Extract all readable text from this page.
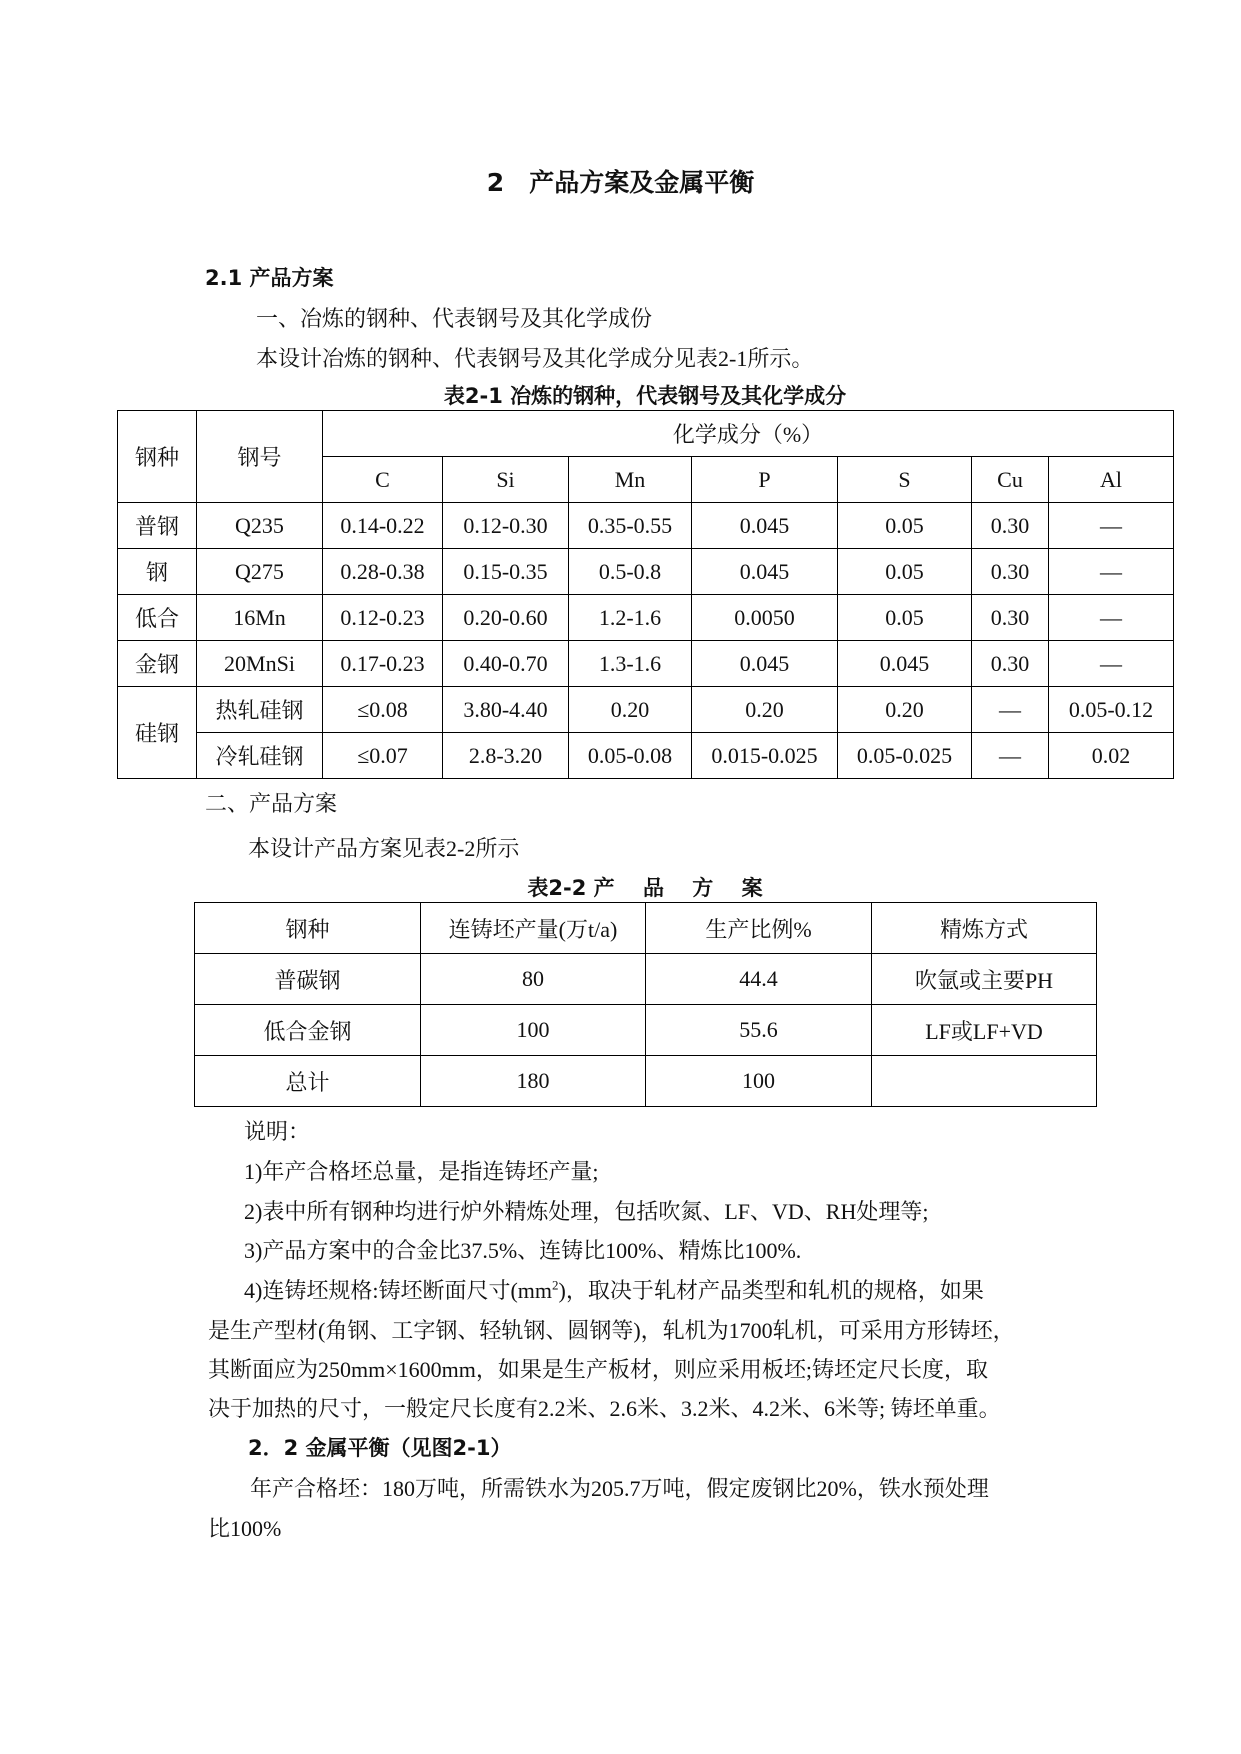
2　产品方案及金属平衡
2.1 产品方案
一、冶炼的钢种、代表钢号及其化学成份
本设计冶炼的钢种、代表钢号及其化学成分见表2-1所示。
表2-1 冶炼的钢种，代表钢号及其化学成分
钢种	钢号	化学成分（%）						
		C	Si	Mn	P	S	Cu	Al
普钢	Q235	0.14-0.22	0.12-0.30	0.35-0.55	0.045	0.05	0.30	—
钢	Q275	0.28-0.38	0.15-0.35	0.5-0.8	0.045	0.05	0.30	—
低合	16Mn	0.12-0.23	0.20-0.60	1.2-1.6	0.0050	0.05	0.30	—
金钢	20MnSi	0.17-0.23	0.40-0.70	1.3-1.6	0.045	0.045	0.30	—
硅钢	热轧硅钢	≤0.08	3.80-4.40	0.20	0.20	0.20	—	0.05-0.12
	冷轧硅钢	≤0.07	2.8-3.20	0.05-0.08	0.015-0.025	0.05-0.025	—	0.02
二、产品方案
本设计产品方案见表2-2所示
表2-2 产　 品　 方　 案
钢种	连铸坯产量(万t/a)	生产比例%	精炼方式
普碳钢	80	44.4	吹氩或主要PH
低合金钢	100	55.6	LF或LF+VD
总计	180	100	
说明：
1)年产合格坯总量，是指连铸坯产量;
2)表中所有钢种均进行炉外精炼处理，包括吹氮、LF、VD、RH处理等;
3)产品方案中的合金比37.5%、连铸比100%、精炼比100%.
4)连铸坯规格:铸坯断面尺寸$(mm^2)$，取决于轧材产品类型和轧机的规格，如果
是生产型材(角钢、工字钢、轻轨钢、圆钢等)，轧机为1700轧机，可采用方形铸坯，
其断面应为250mm×1600mm，如果是生产板材，则应采用板坯;铸坯定尺长度，取
决于加热的尺寸，一般定尺长度有2.2米、2.6米、3.2米、4.2米、6米等; 铸坯单重。
2．2 金属平衡（见图2-1）
年产合格坯：180万吨，所需铁水为205.7万吨，假定废钢比20%，铁水预处理
比100%
